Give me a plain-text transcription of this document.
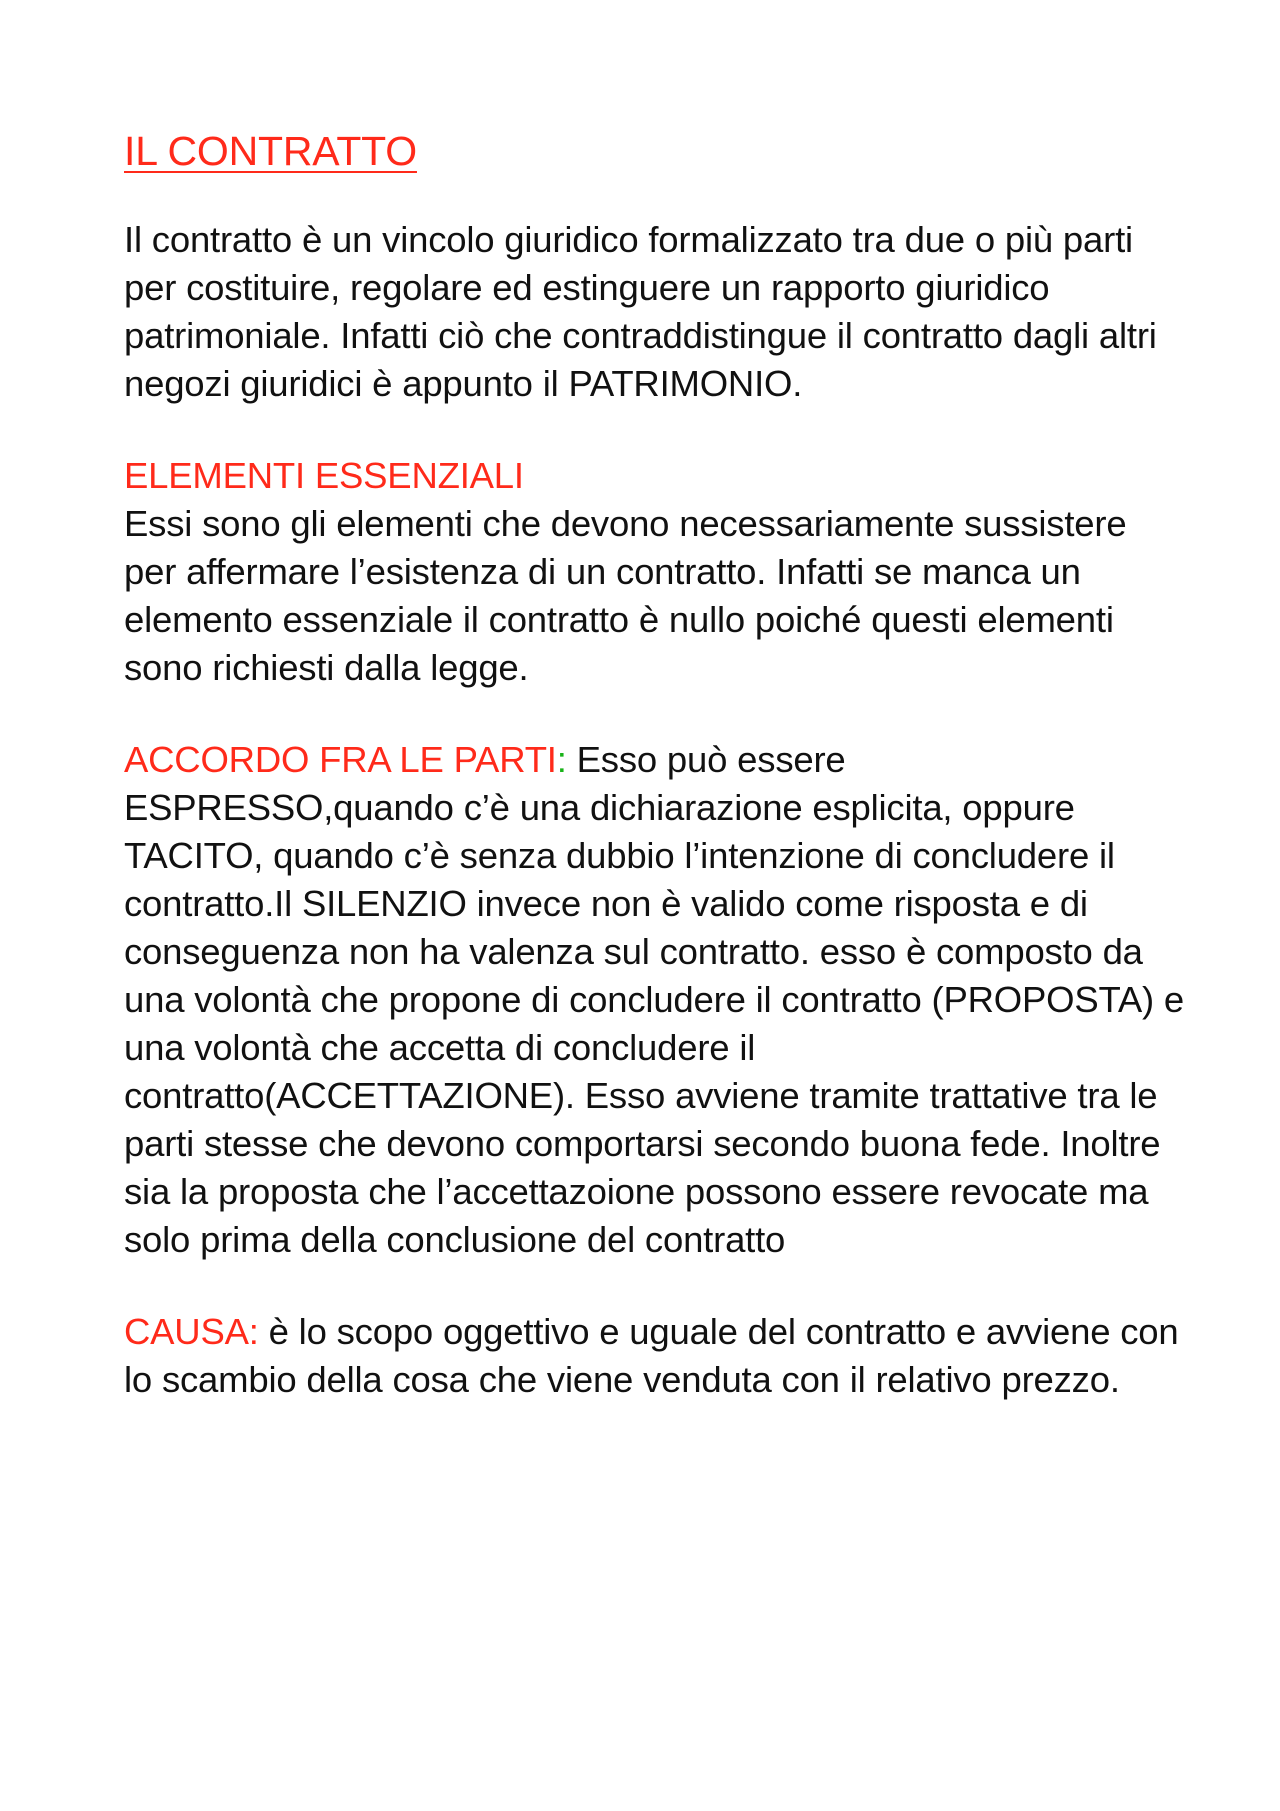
IL CONTRATTO

Il contratto è un vincolo giuridico formalizzato tra due o più parti per costituire, regolare ed estinguere un rapporto giuridico patrimoniale. Infatti ciò che contraddistingue il contratto dagli altri negozi giuridici è appunto il PATRIMONIO.

ELEMENTI ESSENZIALI

Essi sono gli elementi che devono necessariamente sussistere per affermare l’esistenza di un contratto. Infatti se manca un elemento essenziale il contratto è nullo poiché questi elementi sono richiesti dalla legge.

ACCORDO FRA LE PARTI: Esso può essere ESPRESSO,quando c’è una dichiarazione esplicita, oppure TACITO, quando c’è senza dubbio l’intenzione di concludere il contratto.Il SILENZIO invece non è valido come risposta e di conseguenza non ha valenza sul contratto. esso è composto da una volontà che propone di concludere il contratto (PROPOSTA) e una volontà che accetta di concludere il contratto(ACCETTAZIONE). Esso avviene tramite trattative tra le parti stesse che devono comportarsi secondo buona fede. Inoltre sia la proposta che l’accettazoione possono essere revocate ma solo prima della conclusione del contratto

CAUSA: è lo scopo oggettivo e uguale del contratto e avviene con lo scambio della cosa che viene venduta con il relativo prezzo.
